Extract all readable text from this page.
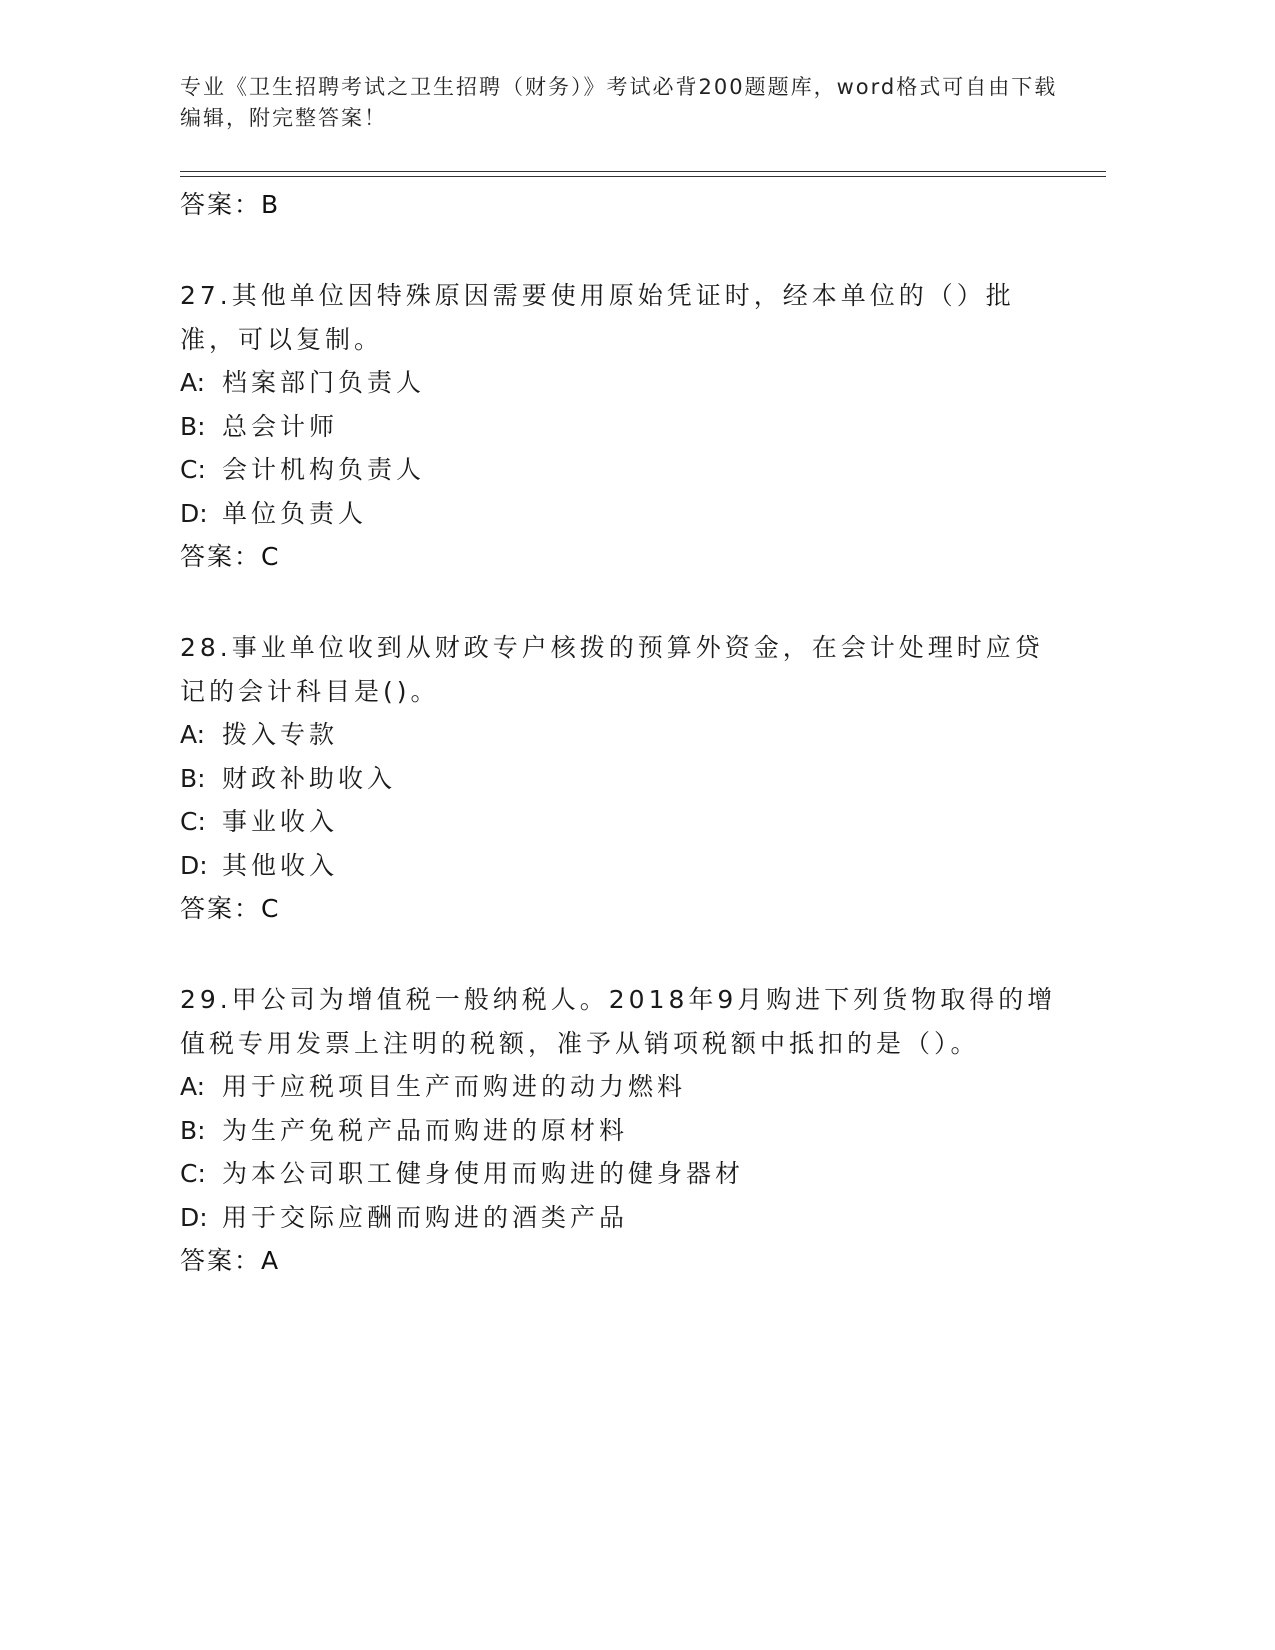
专业《卫生招聘考试之卫生招聘（财务）》考试必背200题题库，word格式可自由下载编辑，附完整答案！
答案：B
27.其他单位因特殊原因需要使用原始凭证时，经本单位的（）批准，可以复制。
A: 档案部门负责人
B: 总会计师
C: 会计机构负责人
D: 单位负责人
答案：C
28.事业单位收到从财政专户核拨的预算外资金，在会计处理时应贷记的会计科目是()。
A: 拨入专款
B: 财政补助收入
C: 事业收入
D: 其他收入
答案：C
29.甲公司为增值税一般纳税人。2018年9月购进下列货物取得的增值税专用发票上注明的税额，准予从销项税额中抵扣的是（）。
A: 用于应税项目生产而购进的动力燃料
B: 为生产免税产品而购进的原材料
C: 为本公司职工健身使用而购进的健身器材
D: 用于交际应酬而购进的酒类产品
答案：A
